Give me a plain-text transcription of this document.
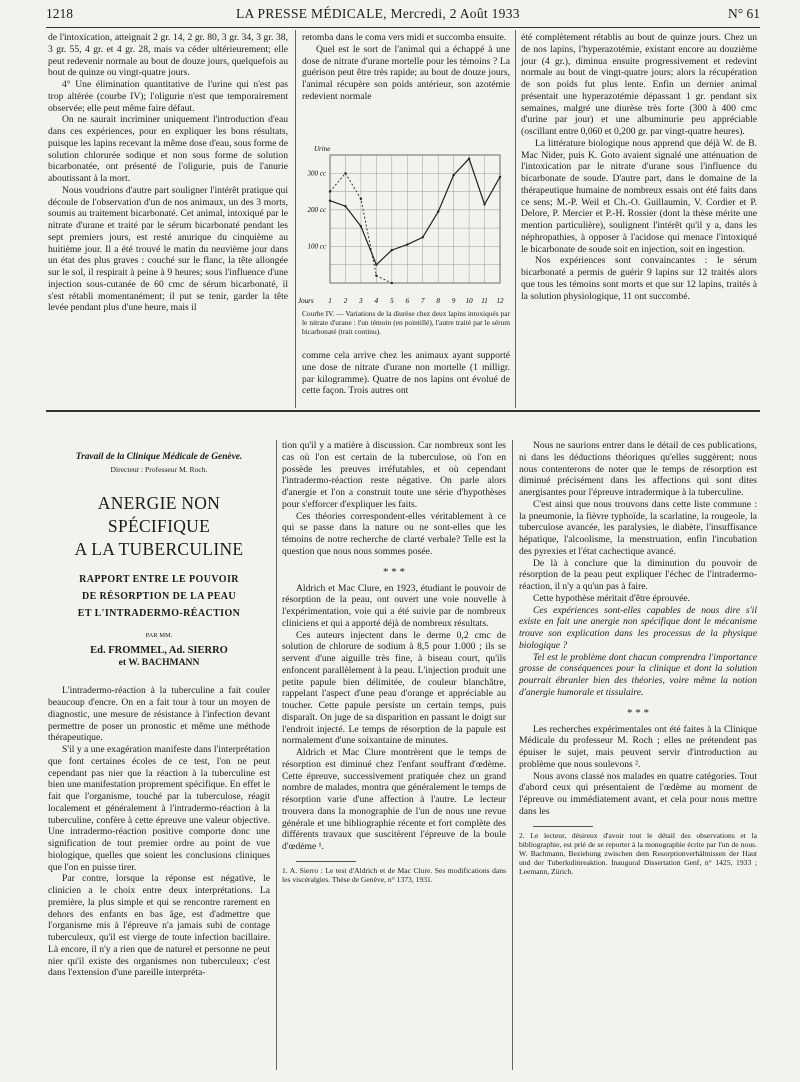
1218	LA PRESSE MÉDICALE, Mercredi, 2 Août 1933	N° 61

de l'intoxication, atteignait 2 gr. 14, 2 gr. 80, 3 gr. 34, 3 gr. 38, 3 gr. 55, 4 gr. et 4 gr. 28, mais va céder ultérieurement; elle peut redevenir normale au bout de douze jours, quelquefois au bout de quinze ou vingt-quatre jours.

4° Une élimination quantitative de l'urine qui n'est pas trop altérée (courbe IV); l'oligurie n'est que temporairement observée; elle peut même faire défaut.

On ne saurait incriminer uniquement l'introduction d'eau dans ces expériences, pour en expliquer les bons résultats, puisque les lapins recevant la même dose d'eau, sous forme de solution chlorurée sodique et non sous forme de solution bicarbonatée, ont présenté de l'oligurie, puis de l'anurie aboutissant à la mort.

Nous voudrions d'autre part souligner l'intérêt pratique qui découle de l'observation d'un de nos animaux, un des 3 morts, soumis au traitement bicarbonaté. Cet animal, intoxiqué par le nitrate d'urane et traité par le sérum bicarbonaté pendant les sept premiers jours, est resté anurique du cinquième au huitième jour. Il a été trouvé le matin du neuvième jour dans un état des plus graves : couché sur le flanc, la tête allongée sur le sol, il respirait à peine à 9 heures; sous l'influence d'une injection sous-cutanée de 60 cmc de sérum bicarbonaté, il s'est rétabli momentanément; il put se tenir, garder la tête levée pendant plus d'une heure, mais il

retomba dans le coma vers midi et succomba ensuite.

Quel est le sort de l'animal qui a échappé à une dose de nitrate d'urane mortelle pour les témoins ? La guérison peut être très rapide; au bout de douze jours, l'animal récupère son poids antérieur, son azotémie redevient normale

100 cc
200 cc
300 cc
1 2 3 4 5 6 7 8 9 10 11 12
Urine
Jours
Courbe IV. — Variations de la diurèse chez deux lapins intoxiqués par le nitrate d'urane : l'un témoin (en pointillé), l'autre traité par le sérum bicarbonaté (trait continu).

comme cela arrive chez les animaux ayant supporté une dose de nitrate d'urane non mortelle (1 milligr. par kilogramme). Quatre de nos lapins ont évolué de cette façon. Trois autres ont

été complètement rétablis au bout de quinze jours. Chez un de nos lapins, l'hyperazotémie, existant encore au douzième jour (4 gr.), diminua ensuite progressivement et redevint normale au bout de vingt-quatre jours; alors la récupération de son poids fut plus lente. Enfin un dernier animal présentait une hyperazotémie dépassant 1 gr. pendant six semaines, malgré une diurèse très forte (300 à 400 cmc d'urine par jour) et une albuminurie peu appréciable (oscillant entre 0,060 et 0,200 gr. par vingt-quatre heures).

La littérature biologique nous apprend que déjà W. de B. Mac Nider, puis K. Goto avaient signalé une atténuation de l'intoxication par le nitrate d'urane sous l'influence du bicarbonate de soude. D'autre part, dans le domaine de la thérapeutique humaine de nombreux essais ont été faits dans ce sens; M.-P. Weil et Ch.-O. Guillaumin, V. Cordier et P. Delore, P. Mercier et P.-H. Rossier (dont la thèse mérite une mention particulière), soulignent l'intérêt qu'il y a, dans les néphropathies, à opposer à l'acidose qui menace l'intoxiqué le bicarbonate de soude soit en injection, soit en ingestion.

Nos expériences sont convaincantes : le sérum bicarbonaté a permis de guérir 9 lapins sur 12 traités alors que tous les témoins sont morts et que sur 12 lapins, traités à la solution physiologique, 11 ont succombé.

Travail de la Clinique Médicale de Genève.
Directeur : Professeur M. Roch.
ANERGIE NON SPÉCIFIQUE
A LA TUBERCULINE
RAPPORT ENTRE LE POUVOIR
DE RÉSORPTION DE LA PEAU
ET L'INTRADERMO-RÉACTION
PAR MM.
Ed. FROMMEL, Ad. SIERRO
et W. BACHMANN

L'intradermo-réaction à la tuberculine a fait couler beaucoup d'encre. On en a fait tour à tour un moyen de diagnostic, une mesure de résistance à l'infection devant permettre de poser un pronostic et même une méthode thérapeutique.

S'il y a une exagération manifeste dans l'interprétation que font certaines écoles de ce test, l'on ne peut cependant pas nier que la réaction à la tuberculine est bien une manifestation proprement spécifique. En effet le fait que l'organisme, touché par la tuberculose, réagit localement et généralement à l'intradermo-réaction à la tuberculine, confère à cette épreuve une valeur objective. Une intradermo-réaction positive comporte donc une signification de tout premier ordre au point de vue biologique, quelles que soient les conclusions cliniques que l'on en puisse tirer.

Par contre, lorsque la réponse est négative, le clinicien a le choix entre deux interprétations. La première, la plus simple et qui se rencontre rarement en dehors des enfants en bas âge, est d'admettre que l'organisme mis à l'épreuve n'a jamais subi de contage tuberculeux, qu'il est vierge de toute infection bacillaire. Là encore, il n'y a rien que de naturel et personne ne peut nier qu'il existe des organismes non tuberculeux; c'est dans l'extension d'une pareille interpréta-

tion qu'il y a matière à discussion. Car nombreux sont les cas où l'on est certain de la tuberculose, où l'on en possède les preuves irréfutables, et où cependant l'intradermo-réaction reste négative. On parle alors d'anergie et l'on a construit toute une série d'hypothèses pour s'efforcer d'expliquer les faits.

Ces théories correspondent-elles véritablement à ce qui se passe dans la nature ou ne sont-elles que les témoins de notre recherche de clarté verbale? Telle est la question que nous nous sommes posée.

* * *

Aldrich et Mac Clure, en 1923, étudiant le pouvoir de résorption de la peau, ont ouvert une voie nouvelle à l'expérimentation, voie qui a été suivie par de nombreux cliniciens et qui a apporté déjà de nombreux résultats.

Ces auteurs injectent dans le derme 0,2 cmc de solution de chlorure de sodium à 8,5 pour 1.000 ; ils se servent d'une aiguille très fine, à biseau court, qu'ils enfoncent parallèlement à la peau. L'injection produit une petite papule bien délimitée, de couleur blanchâtre, rappelant l'aspect d'une peau d'orange et appréciable au toucher. Cette papule persiste un certain temps, puis disparaît. On juge de sa disparition en passant le doigt sur l'endroit injecté. Le temps de résorption de la papule est normalement d'une soixantaine de minutes.

Aldrich et Mac Clure montrèrent que le temps de résorption est diminué chez l'enfant souffrant d'œdème. Cette épreuve, successivement pratiquée chez un grand nombre de malades, montra que généralement le temps de résorption varie d'une affection à l'autre. Le lecteur trouvera dans la monographie de l'un de nous une revue générale et une bibliographie récente et fort complète des différents travaux que suscitèrent l'épreuve de la boule d'œdème ¹.

1. A. Sierro : Le test d'Aldrich et de Mac Clure. Ses modifications dans les viscéralgies. Thèse de Genève, n° 1373, 1931.

Nous ne saurions entrer dans le détail de ces publications, ni dans les déductions théoriques qu'elles suggèrent; nous nous contenterons de noter que le temps de résorption est diminué précisément dans les affections qui sont dites anergisantes pour l'épreuve intradermique à la tuberculine.

C'est ainsi que nous trouvons dans cette liste commune : la pneumonie, la fièvre typhoïde, la scarlatine, la rougeole, la tuberculose avancée, les paralysies, le diabète, l'insuffisance hépatique, l'alcoolisme, la menstruation, enfin l'incubation des pyrexies et l'état cachectique avancé.

De là à conclure que la diminution du pouvoir de résorption de la peau peut expliquer l'échec de l'intradermo-réaction, il n'y a qu'un pas à faire.

Cette hypothèse méritait d'être éprouvée.

Ces expériences sont-elles capables de nous dire s'il existe en fait une anergie non spécifique dont le mécanisme trouve son explication dans les processus de la physique biologique ?

Tel est le problème dont chacun comprendra l'importance grosse de conséquences pour la clinique et dont la solution pourrait ébranler bien des théories, voire même la notion d'anergie humorale et tissulaire.

* * *

Les recherches expérimentales ont été faites à la Clinique Médicale du professeur M. Roch ; elles ne prétendent pas épuiser le sujet, mais peuvent servir d'introduction au problème que nous soulevons ².

Nous avons classé nos malades en quatre catégories. Tout d'abord ceux qui présentaient de l'œdème au moment de l'épreuve ou immédiatement avant, et cela pour nous mettre dans les

2. Le lecteur, désireux d'avoir tout le détail des observations et la bibliographie, est prié de se reporter à la monographie écrite par l'un de nous. W. Bachmann, Beziehung zwischen dem Resorptionverhältnissen der Haut und der Tuberkulinreaktion. Inaugural Dissertation Genf, n° 1425, 1933 ; Leemann, Zürich.
